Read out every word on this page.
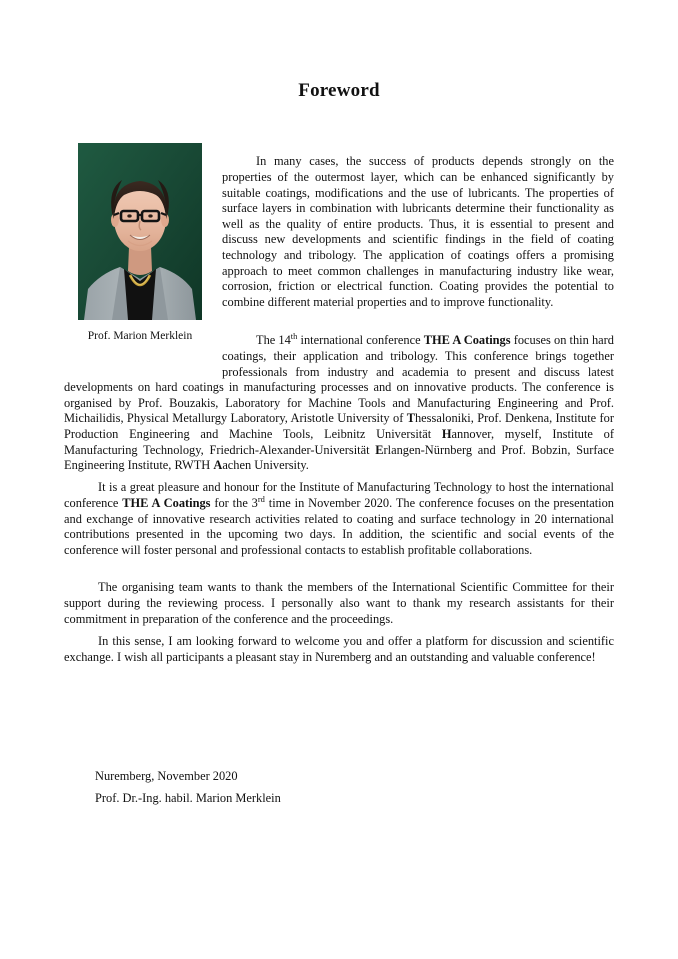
Foreword
Prof. Marion Merklein

In many cases, the success of products depends strongly on the properties of the outermost layer, which can be enhanced significantly by suitable coatings, modifications and the use of lubricants. The properties of surface layers in combination with lubricants determine their functionality as well as the quality of entire products. Thus, it is essential to present and discuss new developments and scientific findings in the field of coating technology and tribology. The application of coatings offers a promising approach to meet common challenges in manufacturing industry like wear, corrosion, friction or electrical function. Coating provides the potential to combine different material properties and to improve functionality.

The 14th international conference THE A Coatings focuses on thin hard coatings, their application and tribology. This conference brings together professionals from industry and academia to present and discuss latest developments on hard coatings in manufacturing processes and on innovative products. The conference is organised by Prof. Bouzakis, Laboratory for Machine Tools and Manufacturing Engineering and Prof. Michailidis, Physical Metallurgy Laboratory, Aristotle University of Thessaloniki, Prof. Denkena, Institute for Production Engineering and Machine Tools, Leibnitz Universität Hannover, myself, Institute of Manufacturing Technology, Friedrich-Alexander-Universität Erlangen-Nürnberg and Prof. Bobzin, Surface Engineering Institute, RWTH Aachen University.

It is a great pleasure and honour for the Institute of Manufacturing Technology to host the international conference THE A Coatings for the 3rd time in November 2020. The conference focuses on the presentation and exchange of innovative research activities related to coating and surface technology in 20 international contributions presented in the upcoming two days. In addition, the scientific and social events of the conference will foster personal and professional contacts to establish profitable collaborations.

The organising team wants to thank the members of the International Scientific Committee for their support during the reviewing process. I personally also want to thank my research assistants for their commitment in preparation of the conference and the proceedings.

In this sense, I am looking forward to welcome you and offer a platform for discussion and scientific exchange. I wish all participants a pleasant stay in Nuremberg and an outstanding and valuable conference!

Nuremberg, November 2020
Prof. Dr.-Ing. habil. Marion Merklein
